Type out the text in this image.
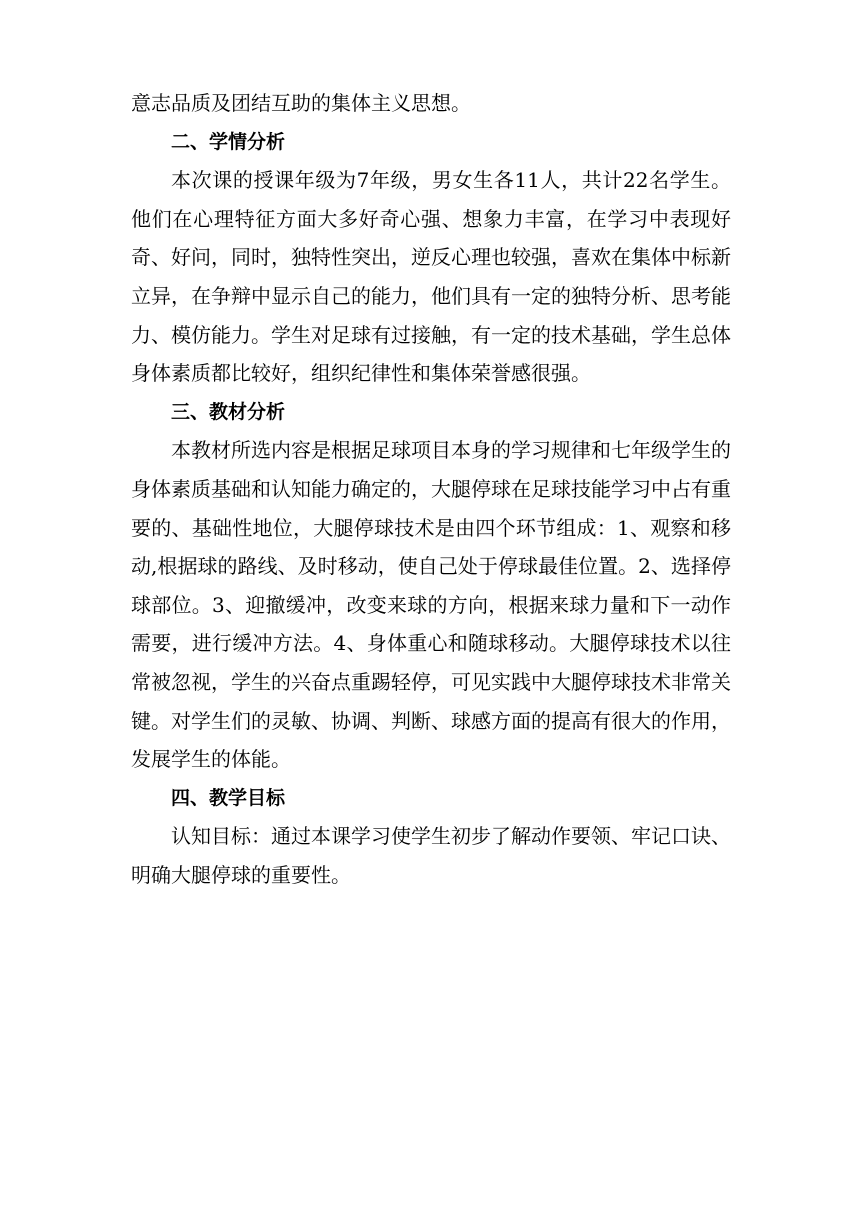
意志品质及团结互助的集体主义思想。

二、学情分析

本次课的授课年级为7年级，男女生各11人，共计22名学生。他们在心理特征方面大多好奇心强、想象力丰富，在学习中表现好奇、好问，同时，独特性突出，逆反心理也较强，喜欢在集体中标新立异，在争辩中显示自己的能力，他们具有一定的独特分析、思考能力、模仿能力。学生对足球有过接触，有一定的技术基础，学生总体身体素质都比较好，组织纪律性和集体荣誉感很强。

三、教材分析

本教材所选内容是根据足球项目本身的学习规律和七年级学生的身体素质基础和认知能力确定的，大腿停球在足球技能学习中占有重要的、基础性地位，大腿停球技术是由四个环节组成：1、观察和移动,根据球的路线、及时移动，使自己处于停球最佳位置。2、选择停球部位。3、迎撤缓冲，改变来球的方向，根据来球力量和下一动作需要，进行缓冲方法。4、身体重心和随球移动。大腿停球技术以往常被忽视，学生的兴奋点重踢轻停，可见实践中大腿停球技术非常关键。对学生们的灵敏、协调、判断、球感方面的提高有很大的作用，发展学生的体能。

四、教学目标

认知目标：通过本课学习使学生初步了解动作要领、牢记口诀、明确大腿停球的重要性。
